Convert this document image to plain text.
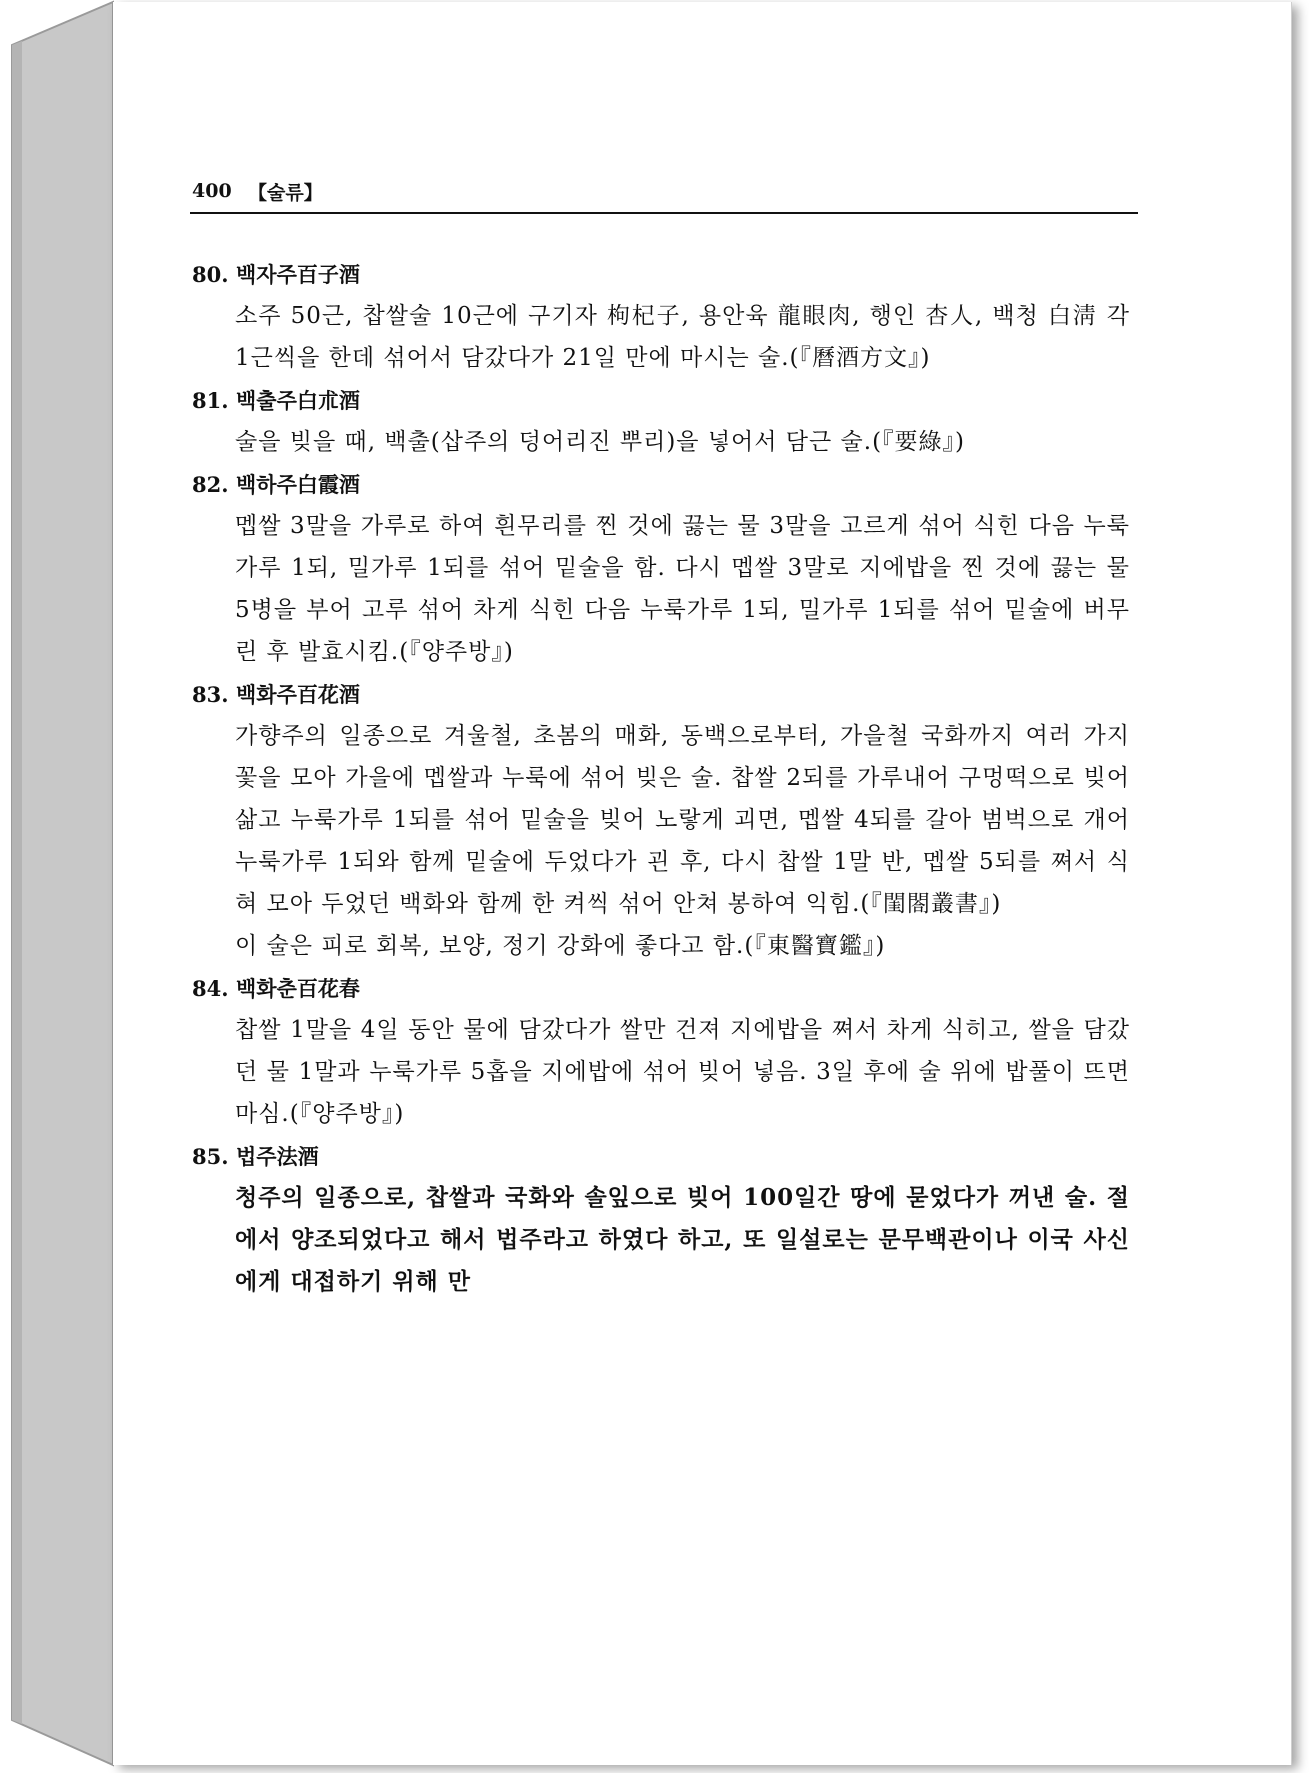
400 【술류】
80. 백자주百子酒

소주 50근, 찹쌀술 10근에 구기자 枸杞子, 용안육 龍眼肉, 행인 杏人, 백청 白淸 각 1근씩을 한데 섞어서 담갔다가 21일 만에 마시는 술.(『曆酒方文』)

81. 백출주白朮酒

술을 빚을 때, 백출(삽주의 덩어리진 뿌리)을 넣어서 담근 술.(『要綠』)

82. 백하주白霞酒

멥쌀 3말을 가루로 하여 흰무리를 찐 것에 끓는 물 3말을 고르게 섞어 식힌 다음 누룩가루 1되, 밀가루 1되를 섞어 밑술을 함. 다시 멥쌀 3말로 지에밥을 찐 것에 끓는 물 5병을 부어 고루 섞어 차게 식힌 다음 누룩가루 1되, 밀가루 1되를 섞어 밑술에 버무린 후 발효시킴.(『양주방』)

83. 백화주百花酒

가향주의 일종으로 겨울철, 초봄의 매화, 동백으로부터, 가을철 국화까지 여러 가지 꽃을 모아 가을에 멥쌀과 누룩에 섞어 빚은 술. 찹쌀 2되를 가루내어 구멍떡으로 빚어 삶고 누룩가루 1되를 섞어 밑술을 빚어 노랗게 괴면, 멥쌀 4되를 갈아 범벅으로 개어 누룩가루 1되와 함께 밑술에 두었다가 괸 후, 다시 찹쌀 1말 반, 멥쌀 5되를 쪄서 식혀 모아 두었던 백화와 함께 한 켜씩 섞어 안쳐 봉하여 익힘.(『閨閤叢書』)

이 술은 피로 회복, 보양, 정기 강화에 좋다고 함.(『東醫寶鑑』)

84. 백화춘百花春

찹쌀 1말을 4일 동안 물에 담갔다가 쌀만 건져 지에밥을 쪄서 차게 식히고, 쌀을 담갔던 물 1말과 누룩가루 5홉을 지에밥에 섞어 빚어 넣음. 3일 후에 술 위에 밥풀이 뜨면 마심.(『양주방』)

85. 법주法酒

청주의 일종으로, 찹쌀과 국화와 솔잎으로 빚어 100일간 땅에 묻었다가 꺼낸 술. 절에서 양조되었다고 해서 법주라고 하였다 하고, 또 일설로는 문무백관이나 이국 사신에게 대접하기 위해 만
